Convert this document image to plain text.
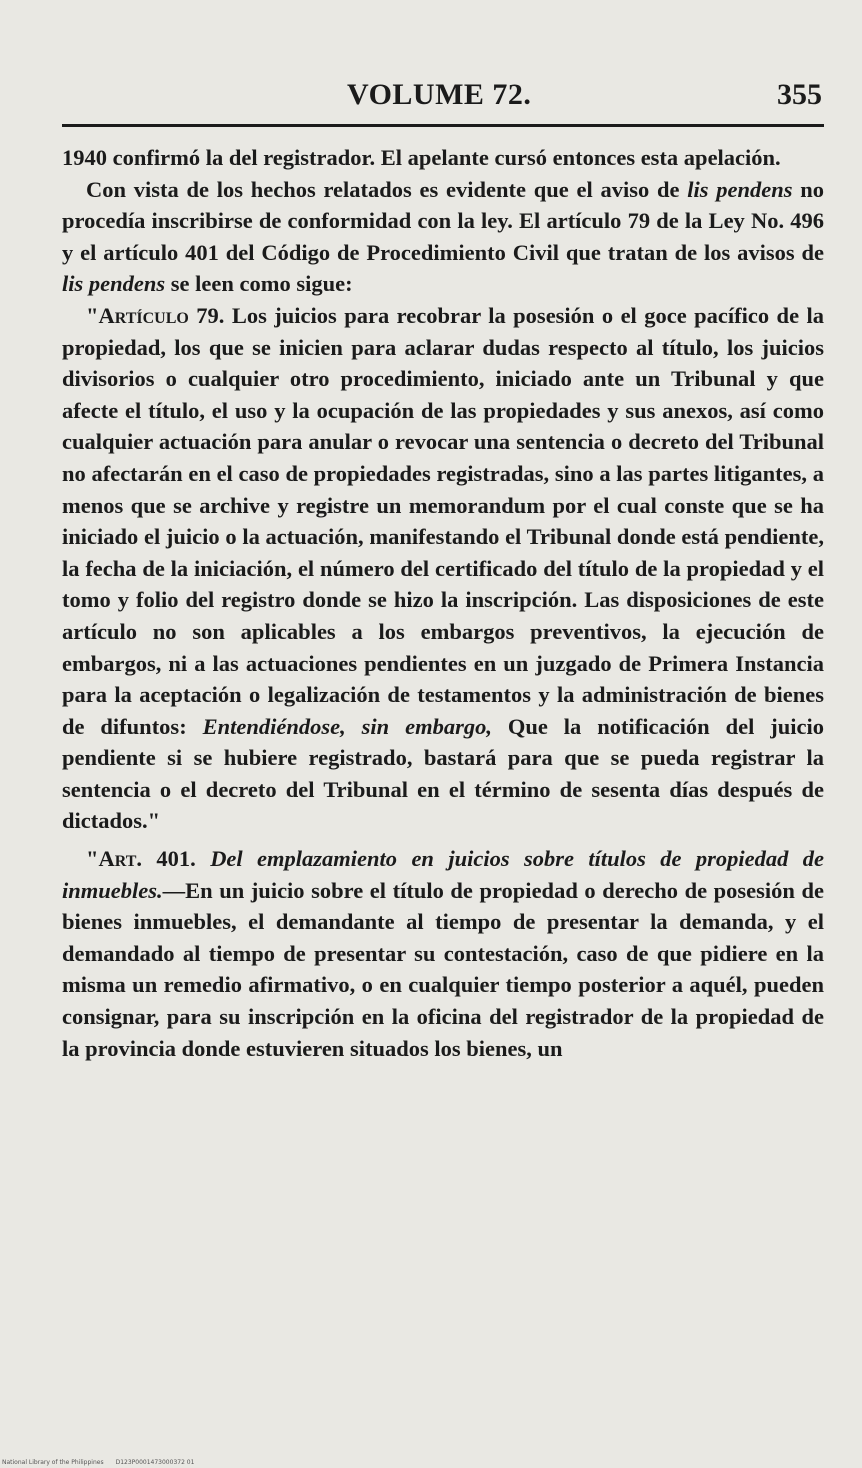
VOLUME 72.	355

1940 confirmó la del registrador. El apelante cursó entonces esta apelación.

Con vista de los hechos relatados es evidente que el aviso de lis pendens no procedía inscribirse de conformidad con la ley. El artículo 79 de la Ley No. 496 y el artículo 401 del Código de Procedimiento Civil que tratan de los avisos de lis pendens se leen como sigue:

"Artículo 79. Los juicios para recobrar la posesión o el goce pacífico de la propiedad, los que se inicien para aclarar dudas respecto al título, los juicios divisorios o cualquier otro procedimiento, iniciado ante un Tribunal y que afecte el título, el uso y la ocupación de las propiedades y sus anexos, así como cualquier actuación para anular o revocar una sentencia o decreto del Tribunal no afectarán en el caso de propiedades registradas, sino a las partes litigantes, a menos que se archive y registre un memorandum por el cual conste que se ha iniciado el juicio o la actuación, manifestando el Tribunal donde está pendiente, la fecha de la iniciación, el número del certificado del título de la propiedad y el tomo y folio del registro donde se hizo la inscripción. Las disposiciones de este artículo no son aplicables a los embargos preventivos, la ejecución de embargos, ni a las actuaciones pendientes en un juzgado de Primera Instancia para la aceptación o legalización de testamentos y la administración de bienes de difuntos: Entendiéndose, sin embargo, Que la notificación del juicio pendiente si se hubiere registrado, bastará para que se pueda registrar la sentencia o el decreto del Tribunal en el término de sesenta días después de dictados."

"Art. 401. Del emplazamiento en juicios sobre títulos de propiedad de inmuebles.—En un juicio sobre el título de propiedad o derecho de posesión de bienes inmuebles, el demandante al tiempo de presentar la demanda, y el demandado al tiempo de presentar su contestación, caso de que pidiere en la misma un remedio afirmativo, o en cualquier tiempo posterior a aquél, pueden consignar, para su inscripción en la oficina del registrador de la propiedad de la provincia donde estuvieren situados los bienes, un

National Library of the Philippines D123P0001473000372 01
